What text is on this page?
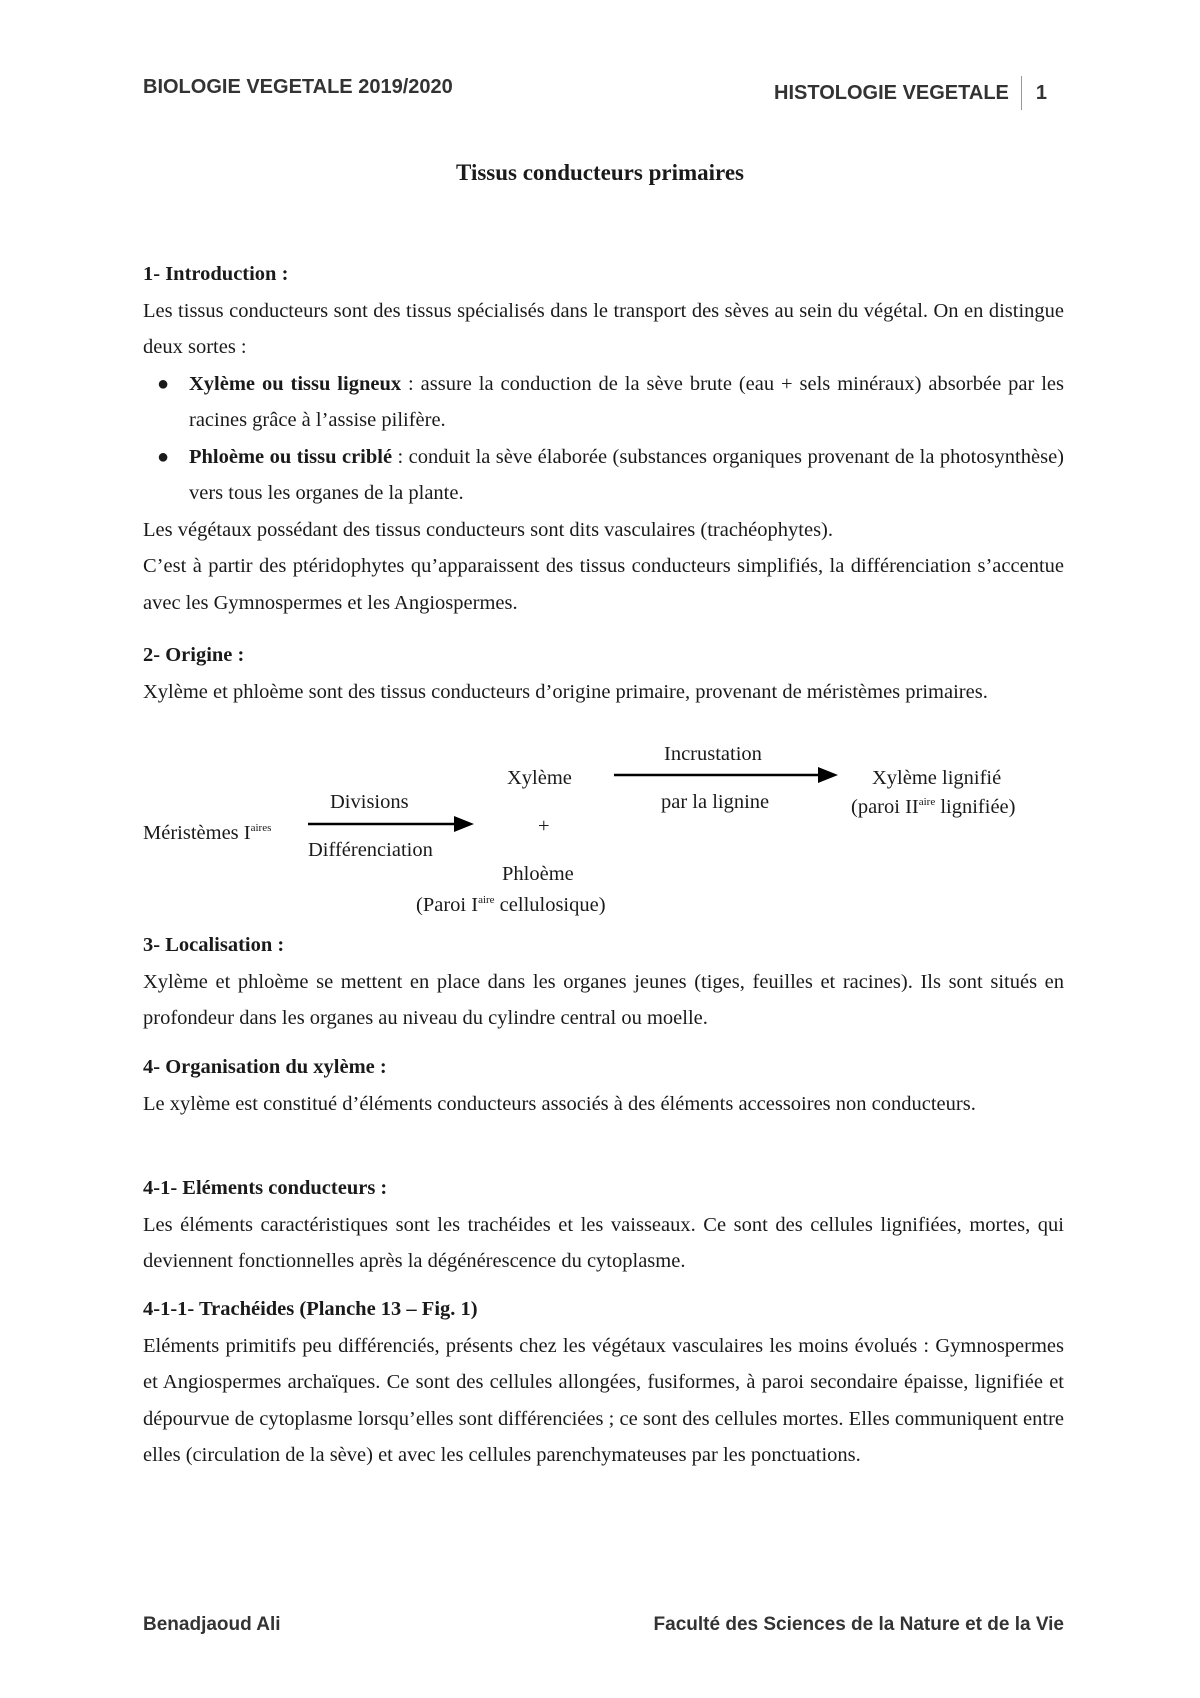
BIOLOGIE VEGETALE 2019/2020	HISTOLOGIE VEGETALE 1
Tissus conducteurs primaires
1- Introduction :

Les tissus conducteurs sont des tissus spécialisés dans le transport des sèves au sein du végétal. On en distingue deux sortes :

● Xylème ou tissu ligneux : assure la conduction de la sève brute (eau + sels minéraux) absorbée par les racines grâce à l’assise pilifère.
● Phloème ou tissu criblé : conduit la sève élaborée (substances organiques provenant de la photosynthèse) vers tous les organes de la plante.

Les végétaux possédant des tissus conducteurs sont dits vasculaires (trachéophytes).

C’est à partir des ptéridophytes qu’apparaissent des tissus conducteurs simplifiés, la différenciation s’accentue avec les Gymnospermes et les Angiospermes.

2- Origine :

Xylème et phloème sont des tissus conducteurs d’origine primaire, provenant de méristèmes primaires.

Méristèmes $I^{aires}$
Divisions
Différenciation
Xylème
+
Phloème
(Paroi $I^{aire}$ cellulosique)
Incrustation
par la lignine
Xylème lignifié
(paroi $II^{aire}$ lignifiée)
3- Localisation :

Xylème et phloème se mettent en place dans les organes jeunes (tiges, feuilles et racines). Ils sont situés en profondeur dans les organes au niveau du cylindre central ou moelle.

4- Organisation du xylème :

Le xylème est constitué d’éléments conducteurs associés à des éléments accessoires non conducteurs.

4-1- Eléments conducteurs :

Les éléments caractéristiques sont les trachéides et les vaisseaux. Ce sont des cellules lignifiées, mortes, qui deviennent fonctionnelles après la dégénérescence du cytoplasme.

4-1-1- Trachéides (Planche 13 – Fig. 1)

Eléments primitifs peu différenciés, présents chez les végétaux vasculaires les moins évolués : Gymnospermes et Angiospermes archaïques. Ce sont des cellules allongées, fusiformes, à paroi secondaire épaisse, lignifiée et dépourvue de cytoplasme lorsqu’elles sont différenciées ; ce sont des cellules mortes. Elles communiquent entre elles (circulation de la sève) et avec les cellules parenchymateuses par les ponctuations.

Benadjaoud Ali	Faculté des Sciences de la Nature et de la Vie
